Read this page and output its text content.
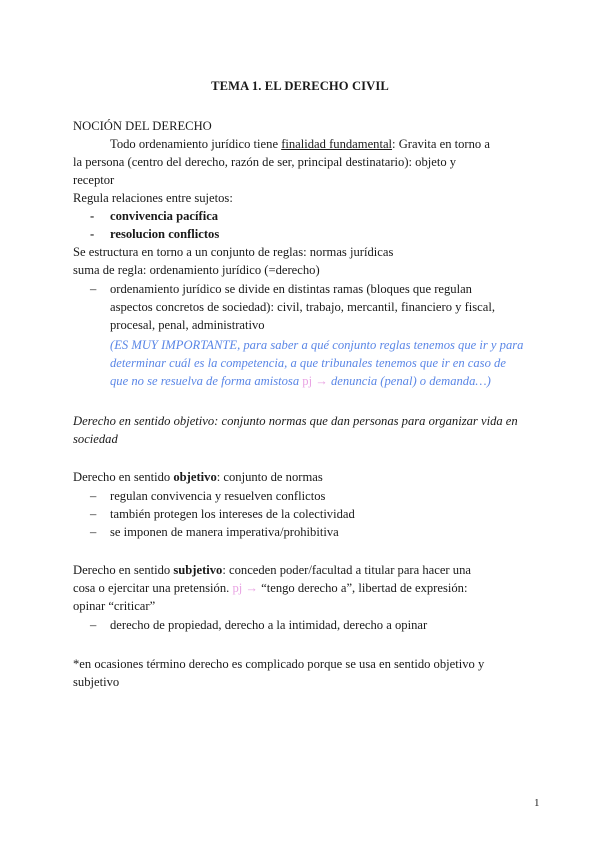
TEMA 1. EL DERECHO CIVIL
NOCIÓN DEL DERECHO
Todo ordenamiento jurídico tiene finalidad fundamental: Gravita en torno a
la persona (centro del derecho, razón de ser, principal destinatario): objeto y
receptor
Regula relaciones entre sujetos:
- convivencia pacífica
- resolucion conflictos
Se estructura en torno a un conjunto de reglas: normas jurídicas
suma de regla: ordenamiento jurídico (=derecho)
– ordenamiento jurídico se divide en distintas ramas (bloques que regulan
aspectos concretos de sociedad): civil, trabajo, mercantil, financiero y fiscal,
procesal, penal, administrativo
(ES MUY IMPORTANTE, para saber a qué conjunto reglas tenemos que ir y para
determinar cuál es la competencia, a que tribunales tenemos que ir en caso de
que no se resuelva de forma amistosa pj → denuncia (penal) o demanda…)
Derecho en sentido objetivo: conjunto normas que dan personas para organizar vida en
sociedad
Derecho en sentido objetivo: conjunto de normas
– regulan convivencia y resuelven conflictos
– también protegen los intereses de la colectividad
– se imponen de manera imperativa/prohibitiva
Derecho en sentido subjetivo: conceden poder/facultad a titular para hacer una
cosa o ejercitar una pretensión. pj → “tengo derecho a”, libertad de expresión:
opinar “criticar”
– derecho de propiedad, derecho a la intimidad, derecho a opinar
*en ocasiones término derecho es complicado porque se usa en sentido objetivo y
subjetivo
1
